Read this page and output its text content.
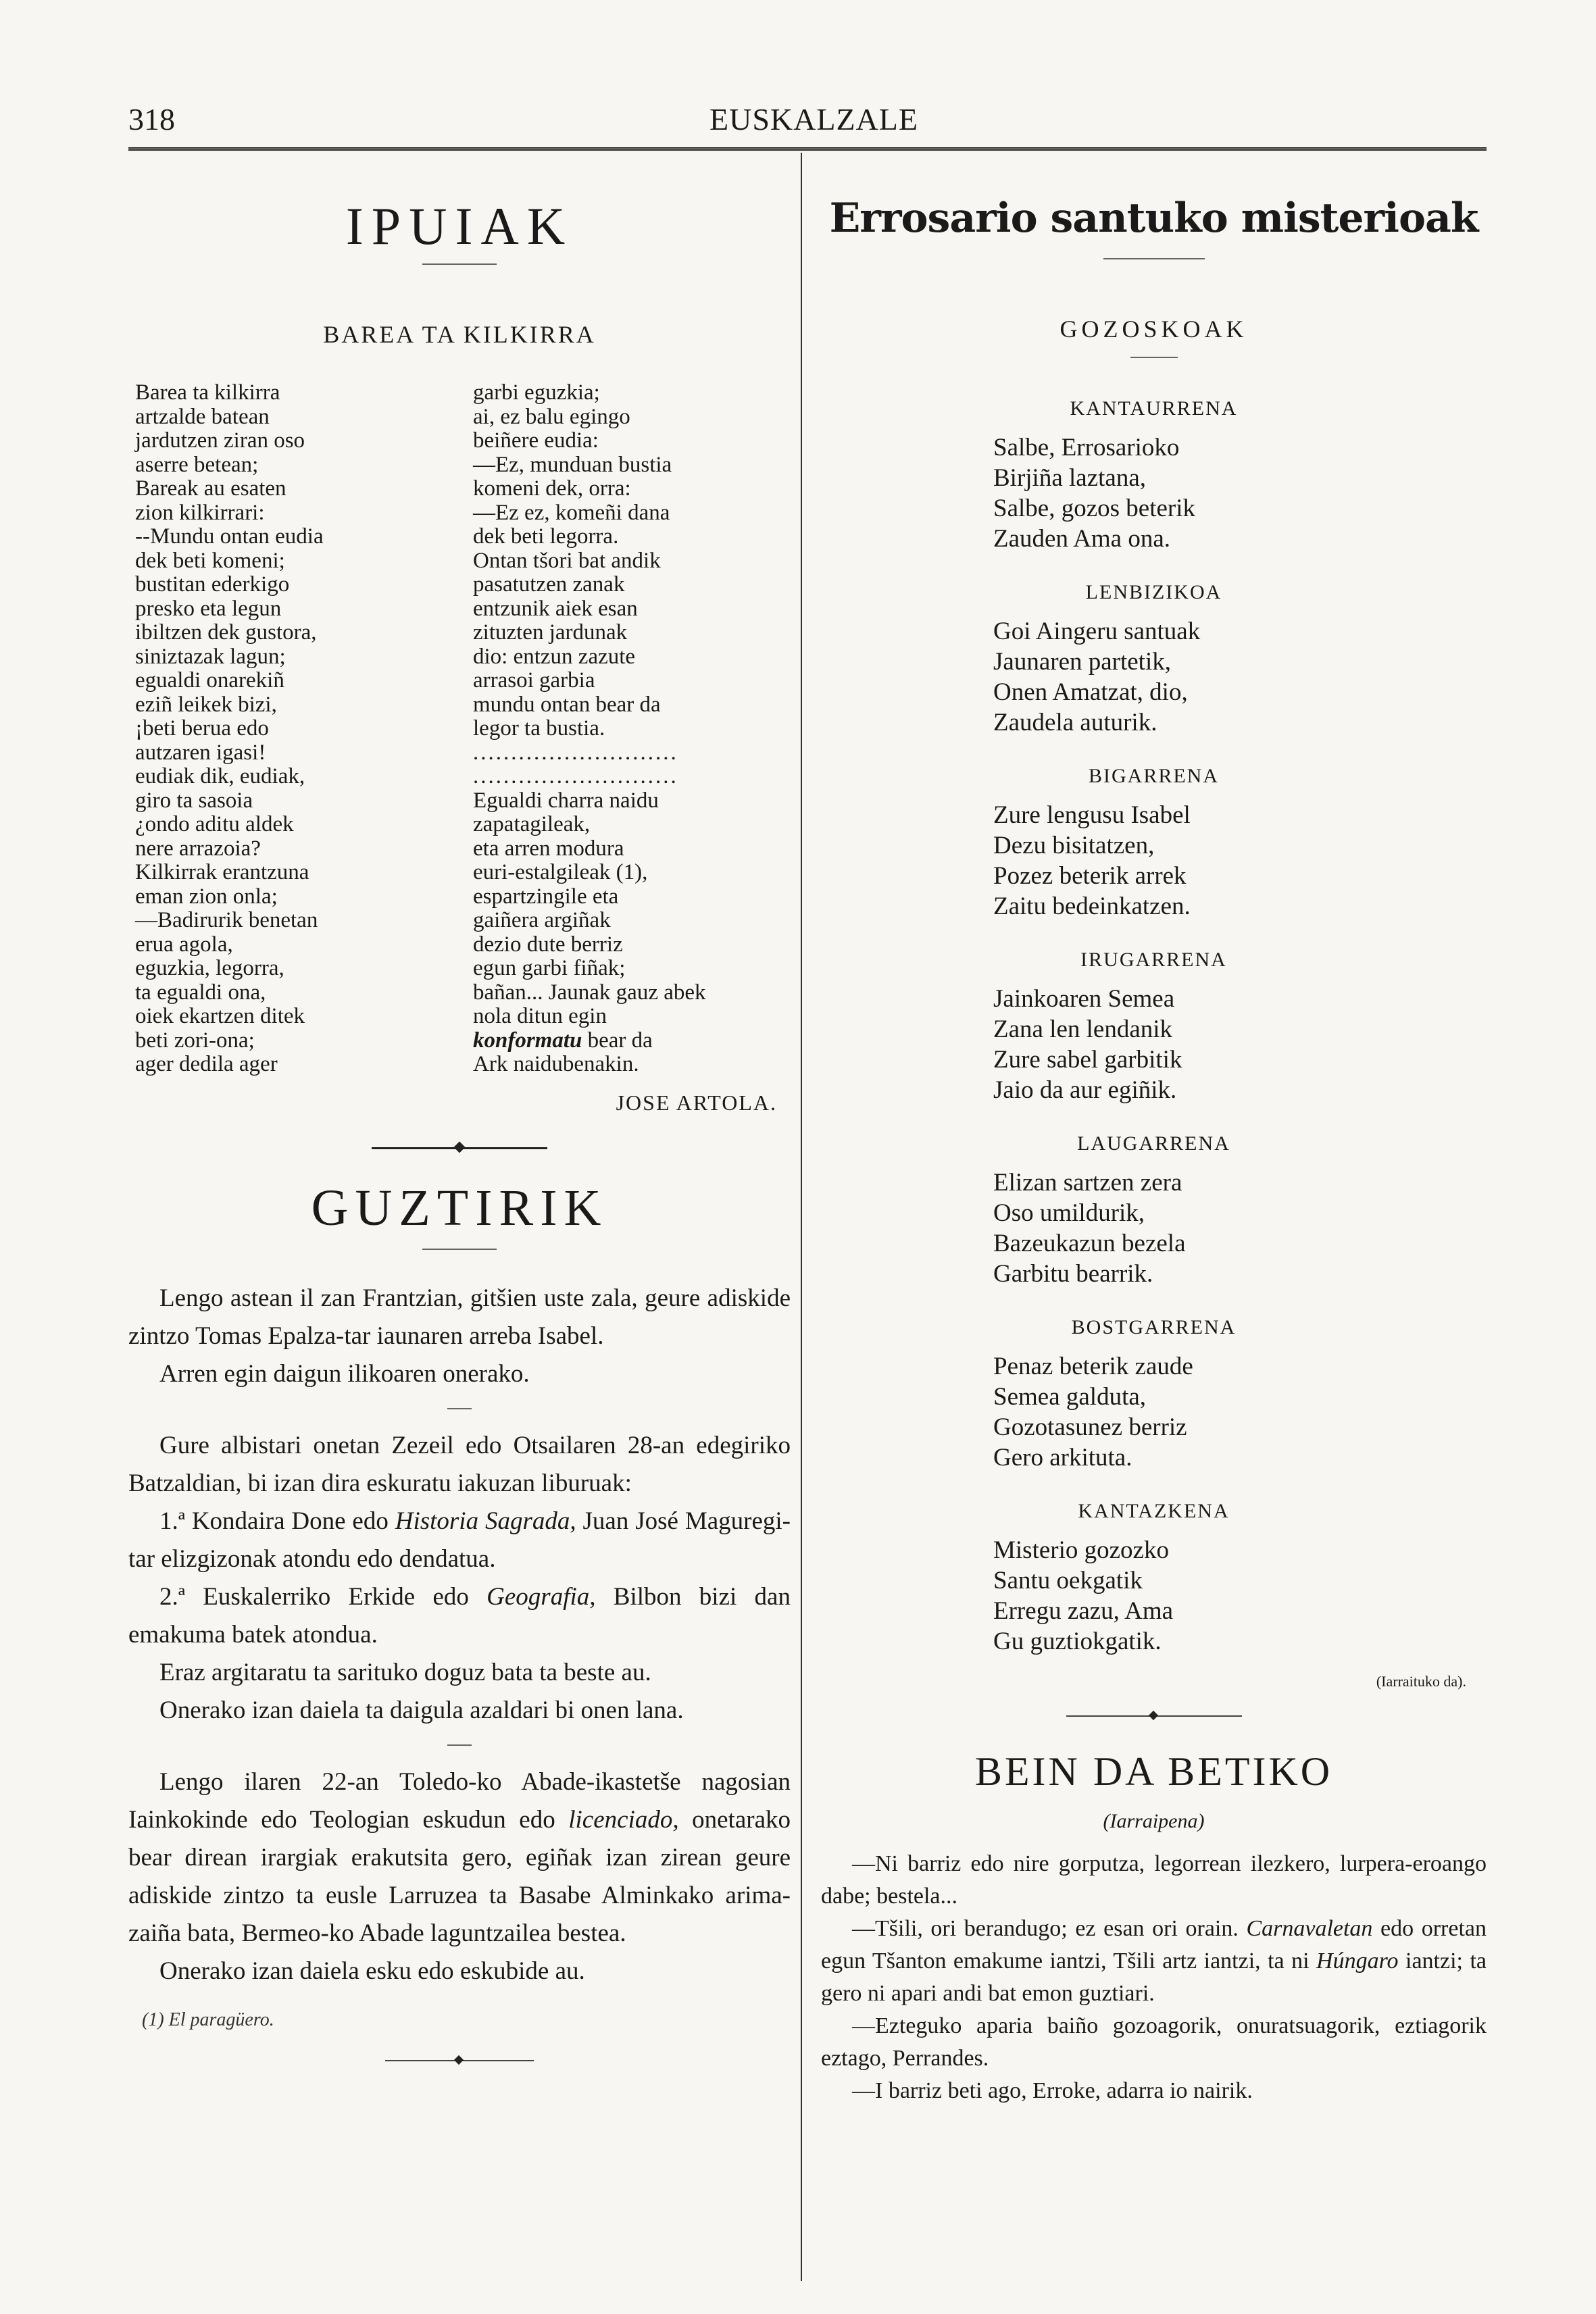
318	EUSKALZALE
IPUIAK
BAREA TA KILKIRRA
Barea ta kilkirra
artzalde batean
jardutzen ziran oso
aserre betean;
Bareak au esaten
zion kilkirrari:
--Mundu ontan eudia
dek beti komeni;
bustitan ederkigo
presko eta legun
ibiltzen dek gustora,
siniztazak lagun;
egualdi onarekiñ
eziñ leikek bizi,
¡beti berua edo
autzaren igasi!
eudiak dik, eudiak,
giro ta sasoia
¿ondo aditu aldek
nere arrazoia?
Kilkirrak erantzuna
eman zion onla;
—Badirurik benetan
erua agola,
eguzkia, legorra,
ta egualdi ona,
oiek ekartzen ditek
beti zori-ona;
ager dedila ager
garbi eguzkia;
ai, ez balu egingo
beiñere eudia:
—Ez, munduan bustia
komeni dek, orra:
—Ez ez, komeñi dana
dek beti legorra.
Ontan tšori bat andik
pasatutzen zanak
entzunik aiek esan
zituzten jardunak
dio: entzun zazute
arrasoi garbia
mundu ontan bear da
legor ta bustia.
...........................
...........................
Egualdi charra naidu
zapatagileak,
eta arren modura
euri-estalgileak (1),
espartzingile eta
gaiñera argiñak
dezio dute berriz
egun garbi fiñak;
bañan... Jaunak gauz abek
nola ditun egin
konformatu bear da
Ark naidubenakin.
JOSE ARTOLA.
GUZTIRIK

Lengo astean il zan Frantzian, gitšien uste zala, geure adiskide zintzo Tomas Epalza-tar iaunaren arreba Isabel.

Arren egin daigun ilikoaren onerako.

Gure albistari onetan Zezeil edo Otsailaren 28-an edegiriko Batzaldian, bi izan dira eskuratu iakuzan liburuak:

1.ª Kondaira Done edo Historia Sagrada, Juan José Maguregi-tar elizgizonak atondu edo dendatua.

2.ª Euskalerriko Erkide edo Geografia, Bilbon bizi dan emakuma batek atondua.

Eraz argitaratu ta sarituko doguz bata ta beste au.

Onerako izan daiela ta daigula azaldari bi onen lana.

Lengo ilaren 22-an Toledo-ko Abade-ikastetše nagosian Iainkokinde edo Teologian eskudun edo licenciado, onetarako bear direan irargiak erakutsita gero, egiñak izan zirean geure adiskide zintzo ta eusle Larruzea ta Basabe Alminkako arima-zaiña bata, Bermeo-ko Abade laguntzailea bestea.

Onerako izan daiela esku edo eskubide au.

(1) El paragüero.
Errosario santuko misterioak
GOZOSKOAK
KANTAURRENA
Salbe, Errosarioko
Birjiña laztana,
Salbe, gozos beterik
Zauden Ama ona.
LENBIZIKOA
Goi Aingeru santuak
Jaunaren partetik,
Onen Amatzat, dio,
Zaudela auturik.
BIGARRENA
Zure lengusu Isabel
Dezu bisitatzen,
Pozez beterik arrek
Zaitu bedeinkatzen.
IRUGARRENA
Jainkoaren Semea
Zana len lendanik
Zure sabel garbitik
Jaio da aur egiñik.
LAUGARRENA
Elizan sartzen zera
Oso umildurik,
Bazeukazun bezela
Garbitu bearrik.
BOSTGARRENA
Penaz beterik zaude
Semea galduta,
Gozotasunez berriz
Gero arkituta.
KANTAZKENA
Misterio gozozko
Santu oekgatik
Erregu zazu, Ama
Gu guztiokgatik.
(Iarraituko da).
BEIN DA BETIKO
(Iarraipena)

—Ni barriz edo nire gorputza, legorrean ilezkero, lurpera-eroango dabe; bestela...

—Tšili, ori berandugo; ez esan ori orain. Carnavaletan edo orretan egun Tšanton emakume iantzi, Tšili artz iantzi, ta ni Húngaro iantzi; ta gero ni apari andi bat emon guztiari.

—Ezteguko aparia baiño gozoagorik, onuratsuagorik, eztiagorik eztago, Perrandes.

—I barriz beti ago, Erroke, adarra io nairik.
